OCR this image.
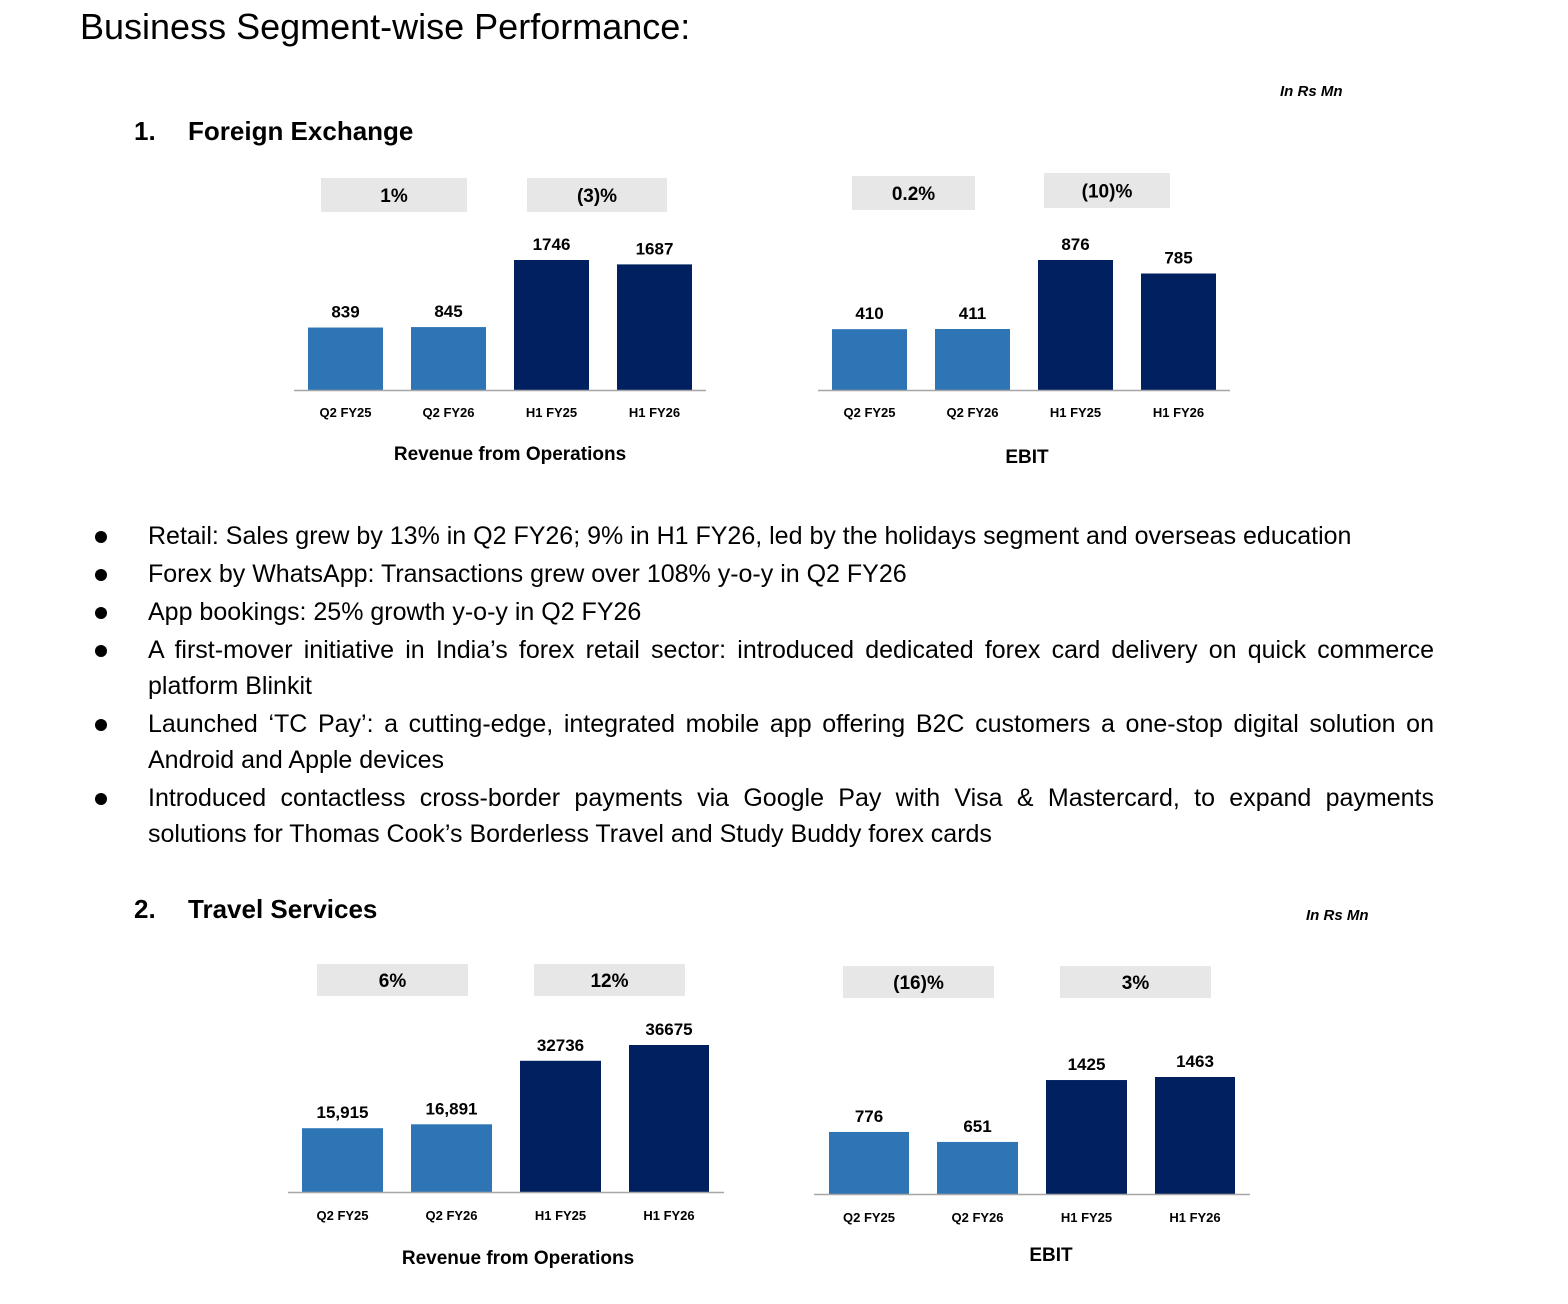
Business Segment-wise Performance:
In Rs Mn
1. Foreign Exchange
Retail: Sales grew by 13% in Q2 FY26; 9% in H1 FY26, led by the holidays segment and overseas education
Forex by WhatsApp: Transactions grew over 108% y-o-y in Q2 FY26
App bookings: 25% growth y-o-y in Q2 FY26
A first-mover initiative in India’s forex retail sector: introduced dedicated forex card delivery on quick commerce platform Blinkit
Launched ‘TC Pay’: a cutting-edge, integrated mobile app offering B2C customers a one-stop digital solution on Android and Apple devices
Introduced contactless cross-border payments via Google Pay with Visa & Mastercard, to expand payments solutions for Thomas Cook’s Borderless Travel and Study Buddy forex cards
2. Travel Services	In Rs Mn
1%	(3)%
839
Q2 FY25
845
Q2 FY26
1746
H1 FY25
1687
H1 FY26
Revenue from Operations
0.2%	(10)%
410
Q2 FY25
411
Q2 FY26
876
H1 FY25
785
H1 FY26
EBIT
6%	12%
15,915
Q2 FY25
16,891
Q2 FY26
32736
H1 FY25
36675
H1 FY26
Revenue from Operations
(16)%	3%
776
Q2 FY25
651
Q2 FY26
1425
H1 FY25
1463
H1 FY26
EBIT
